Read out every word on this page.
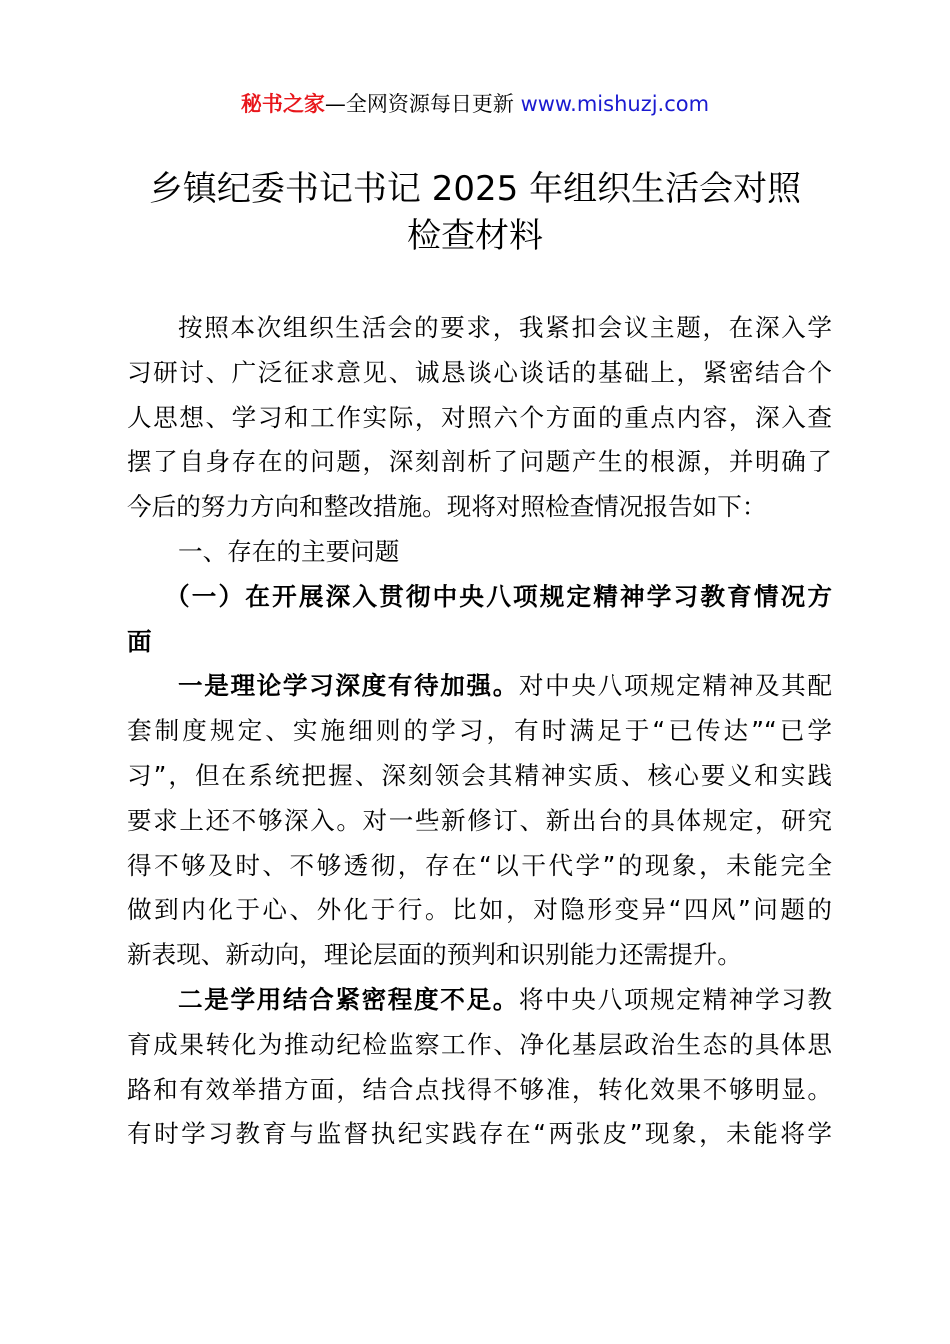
秘书之家—全网资源每日更新 www.mishuzj.com
乡镇纪委书记书记 2025 年组织生活会对照
检查材料
按照本次组织生活会的要求，我紧扣会议主题，在深入学
习研讨、广泛征求意见、诚恳谈心谈话的基础上，紧密结合个
人思想、学习和工作实际，对照六个方面的重点内容，深入查
摆了自身存在的问题，深刻剖析了问题产生的根源，并明确了
今后的努力方向和整改措施。现将对照检查情况报告如下：
一、存在的主要问题
（一）在开展深入贯彻中央八项规定精神学习教育情况方
面
一是理论学习深度有待加强。对中央八项规定精神及其配
套制度规定、实施细则的学习，有时满足于“已传达”“已学
习”，但在系统把握、深刻领会其精神实质、核心要义和实践
要求上还不够深入。对一些新修订、新出台的具体规定，研究
得不够及时、不够透彻，存在“以干代学”的现象，未能完全
做到内化于心、外化于行。比如，对隐形变异“四风”问题的
新表现、新动向，理论层面的预判和识别能力还需提升。
二是学用结合紧密程度不足。将中央八项规定精神学习教
育成果转化为推动纪检监察工作、净化基层政治生态的具体思
路和有效举措方面，结合点找得不够准，转化效果不够明显。
有时学习教育与监督执纪实践存在“两张皮”现象，未能将学
